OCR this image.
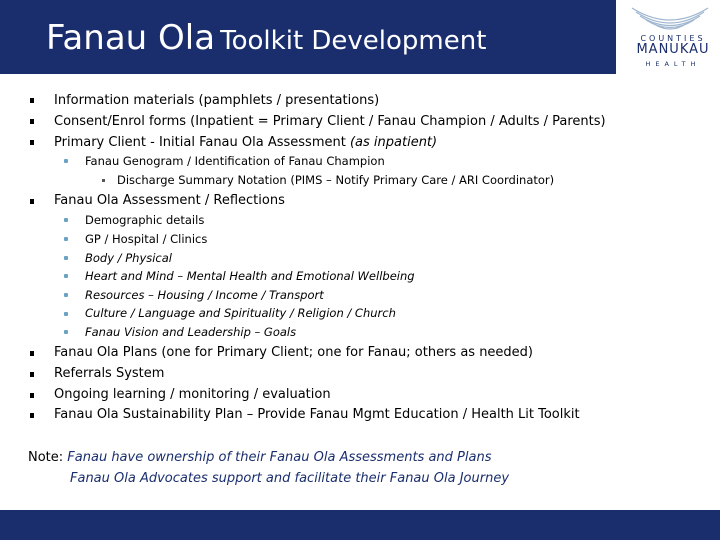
Fanau Ola Toolkit Development	COUNTIES
MANUKAU
HEALTH
Information materials (pamphlets / presentations)
Consent/Enrol forms (Inpatient = Primary Client / Fanau Champion / Adults / Parents)
Primary Client - Initial Fanau Ola Assessment (as inpatient)
Fanau Genogram / Identification of Fanau Champion
Discharge Summary Notation (PIMS – Notify Primary Care / ARI Coordinator)
Fanau Ola Assessment / Reflections
Demographic details
GP / Hospital / Clinics
Body / Physical
Heart and Mind – Mental Health and Emotional Wellbeing
Resources – Housing / Income / Transport
Culture / Language and Spirituality / Religion / Church
Fanau Vision and Leadership – Goals
Fanau Ola Plans (one for Primary Client; one for Fanau; others as needed)
Referrals System
Ongoing learning / monitoring / evaluation
Fanau Ola Sustainability Plan – Provide Fanau Mgmt Education / Health Lit Toolkit
Note: Fanau have ownership of their Fanau Ola Assessments and Plans
Fanau Ola Advocates support and facilitate their Fanau Ola Journey
